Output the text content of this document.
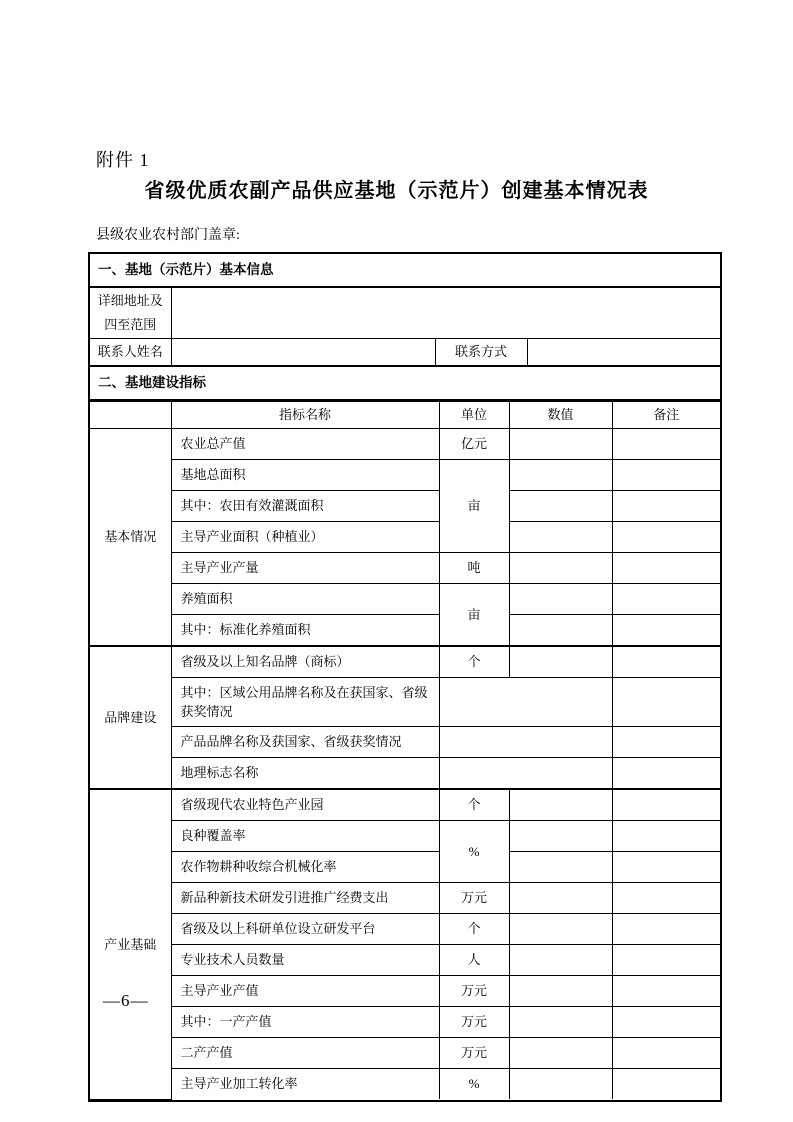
附件 1
省级优质农副产品供应基地（示范片）创建基本情况表
县级农业农村部门盖章:
一、基地（示范片）基本信息			

详细地址及
四至范围			

联系人姓名		联系方式	
二、基地建设指标			
	指标名称	单位	数值	备注
基本情况	农业总产值	亿元		
	基地总面积	亩		
	其中：农田有效灌溉面积			
	主导产业面积（种植业）			
	主导产业产量	吨		
	养殖面积	亩		
	其中：标准化养殖面积			
品牌建设	省级及以上知名品牌（商标）	个		
	其中：区域公用品牌名称及在获国家、省级获奖情况			
	产品品牌名称及获国家、省级获奖情况			
	地理标志名称			
产业基础	省级现代农业特色产业园	个		
	良种覆盖率	%		
	农作物耕种收综合机械化率			
	新品种新技术研发引进推广经费支出	万元		
	省级及以上科研单位设立研发平台	个		
	专业技术人员数量	人		
	主导产业产值	万元		
	其中：一产产值	万元		
	二产产值	万元		
	主导产业加工转化率	%		
—6—
